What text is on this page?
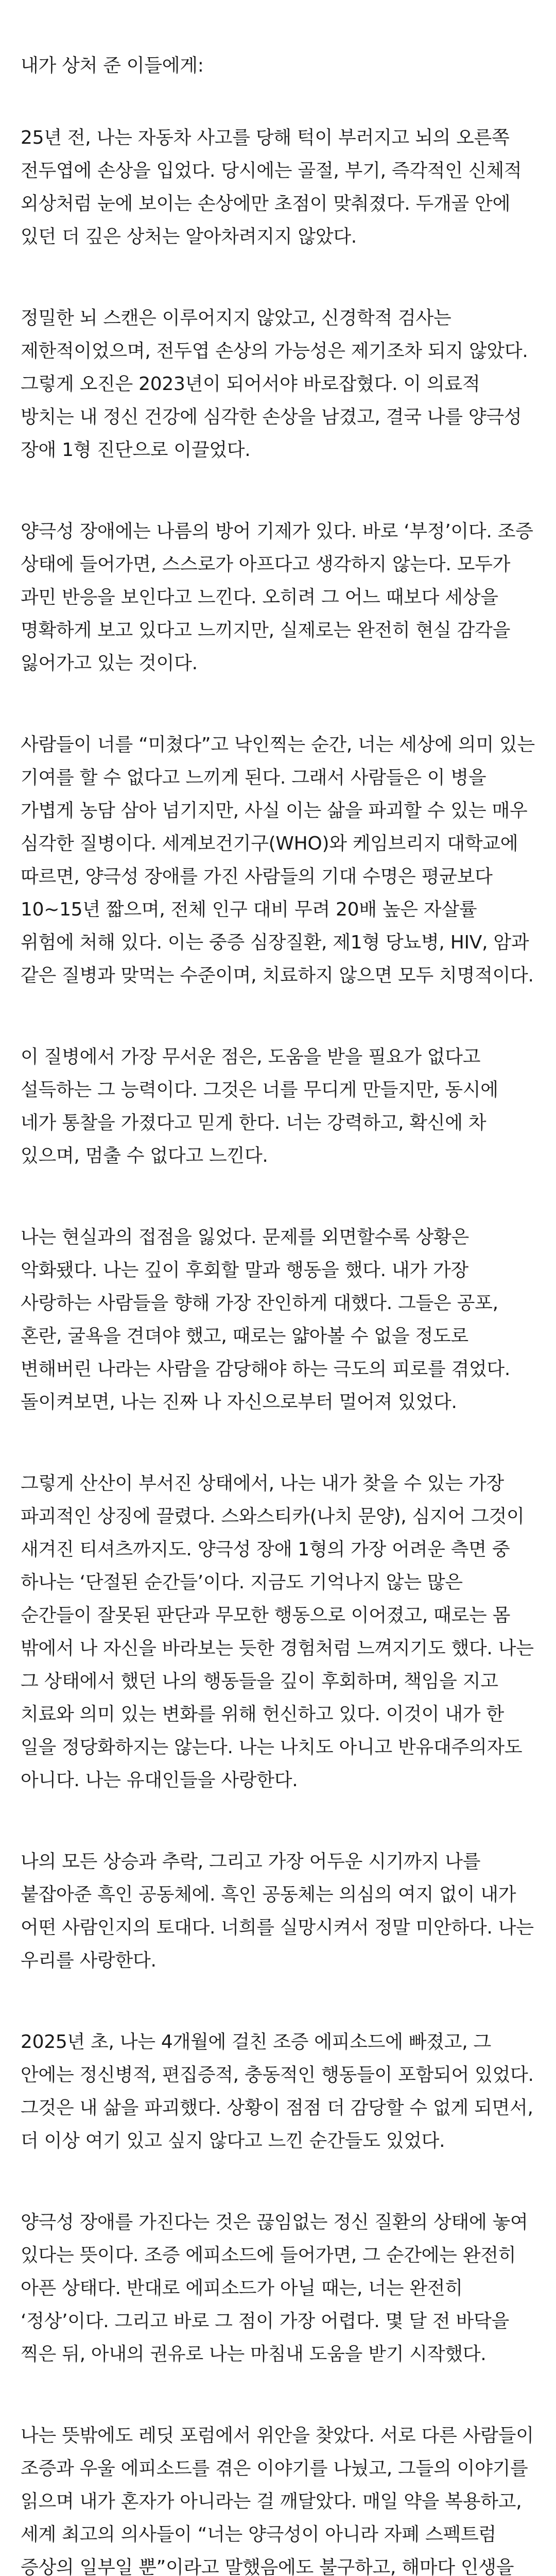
내가 상처 준 이들에게:

25년 전, 나는 자동차 사고를 당해 턱이 부러지고 뇌의 오른쪽 전두엽에 손상을 입었다. 당시에는 골절, 부기, 즉각적인 신체적 외상처럼 눈에 보이는 손상에만 초점이 맞춰졌다. 두개골 안에 있던 더 깊은 상처는 알아차려지지 않았다.

정밀한 뇌 스캔은 이루어지지 않았고, 신경학적 검사는 제한적이었으며, 전두엽 손상의 가능성은 제기조차 되지 않았다. 그렇게 오진은 2023년이 되어서야 바로잡혔다. 이 의료적 방치는 내 정신 건강에 심각한 손상을 남겼고, 결국 나를 양극성 장애 1형 진단으로 이끌었다.

양극성 장애에는 나름의 방어 기제가 있다. 바로 ‘부정’이다. 조증 상태에 들어가면, 스스로가 아프다고 생각하지 않는다. 모두가 과민 반응을 보인다고 느낀다. 오히려 그 어느 때보다 세상을 명확하게 보고 있다고 느끼지만, 실제로는 완전히 현실 감각을 잃어가고 있는 것이다.

사람들이 너를 “미쳤다”고 낙인찍는 순간, 너는 세상에 의미 있는 기여를 할 수 없다고 느끼게 된다. 그래서 사람들은 이 병을 가볍게 농담 삼아 넘기지만, 사실 이는 삶을 파괴할 수 있는 매우 심각한 질병이다. 세계보건기구(WHO)와 케임브리지 대학교에 따르면, 양극성 장애를 가진 사람들의 기대 수명은 평균보다 10~15년 짧으며, 전체 인구 대비 무려 20배 높은 자살률 위험에 처해 있다. 이는 중증 심장질환, 제1형 당뇨병, HIV, 암과 같은 질병과 맞먹는 수준이며, 치료하지 않으면 모두 치명적이다.

이 질병에서 가장 무서운 점은, 도움을 받을 필요가 없다고 설득하는 그 능력이다. 그것은 너를 무디게 만들지만, 동시에 네가 통찰을 가졌다고 믿게 한다. 너는 강력하고, 확신에 차 있으며, 멈출 수 없다고 느낀다.

나는 현실과의 접점을 잃었다. 문제를 외면할수록 상황은 악화됐다. 나는 깊이 후회할 말과 행동을 했다. 내가 가장 사랑하는 사람들을 향해 가장 잔인하게 대했다. 그들은 공포, 혼란, 굴욕을 견뎌야 했고, 때로는 얇아볼 수 없을 정도로 변해버린 나라는 사람을 감당해야 하는 극도의 피로를 겪었다. 돌이켜보면, 나는 진짜 나 자신으로부터 멀어져 있었다.

그렇게 산산이 부서진 상태에서, 나는 내가 찾을 수 있는 가장 파괴적인 상징에 끌렸다. 스와스티카(나치 문양), 심지어 그것이 새겨진 티셔츠까지도. 양극성 장애 1형의 가장 어려운 측면 중 하나는 ‘단절된 순간들’이다. 지금도 기억나지 않는 많은 순간들이 잘못된 판단과 무모한 행동으로 이어졌고, 때로는 몸 밖에서 나 자신을 바라보는 듯한 경험처럼 느껴지기도 했다. 나는 그 상태에서 했던 나의 행동들을 깊이 후회하며, 책임을 지고 치료와 의미 있는 변화를 위해 헌신하고 있다. 이것이 내가 한 일을 정당화하지는 않는다. 나는 나치도 아니고 반유대주의자도 아니다. 나는 유대인들을 사랑한다.

나의 모든 상승과 추락, 그리고 가장 어두운 시기까지 나를 붙잡아준 흑인 공동체에. 흑인 공동체는 의심의 여지 없이 내가 어떤 사람인지의 토대다. 너희를 실망시켜서 정말 미안하다. 나는 우리를 사랑한다.

2025년 초, 나는 4개월에 걸친 조증 에피소드에 빠졌고, 그 안에는 정신병적, 편집증적, 충동적인 행동들이 포함되어 있었다. 그것은 내 삶을 파괴했다. 상황이 점점 더 감당할 수 없게 되면서, 더 이상 여기 있고 싶지 않다고 느낀 순간들도 있었다.

양극성 장애를 가진다는 것은 끊임없는 정신 질환의 상태에 놓여 있다는 뜻이다. 조증 에피소드에 들어가면, 그 순간에는 완전히 아픈 상태다. 반대로 에피소드가 아닐 때는, 너는 완전히 ‘정상’이다. 그리고 바로 그 점이 가장 어렵다. 몇 달 전 바닥을 찍은 뒤, 아내의 권유로 나는 마침내 도움을 받기 시작했다.

나는 뜻밖에도 레딧 포럼에서 위안을 찾았다. 서로 다른 사람들이 조증과 우울 에피소드를 겪은 이야기를 나눴고, 그들의 이야기를 읽으며 내가 혼자가 아니라는 걸 깨달았다. 매일 약을 복용하고, 세계 최고의 의사들이 “너는 양극성이 아니라 자폐 스펙트럼 증상의 일부일 뿐”이라고 말했음에도 불구하고, 해마다 인생을
